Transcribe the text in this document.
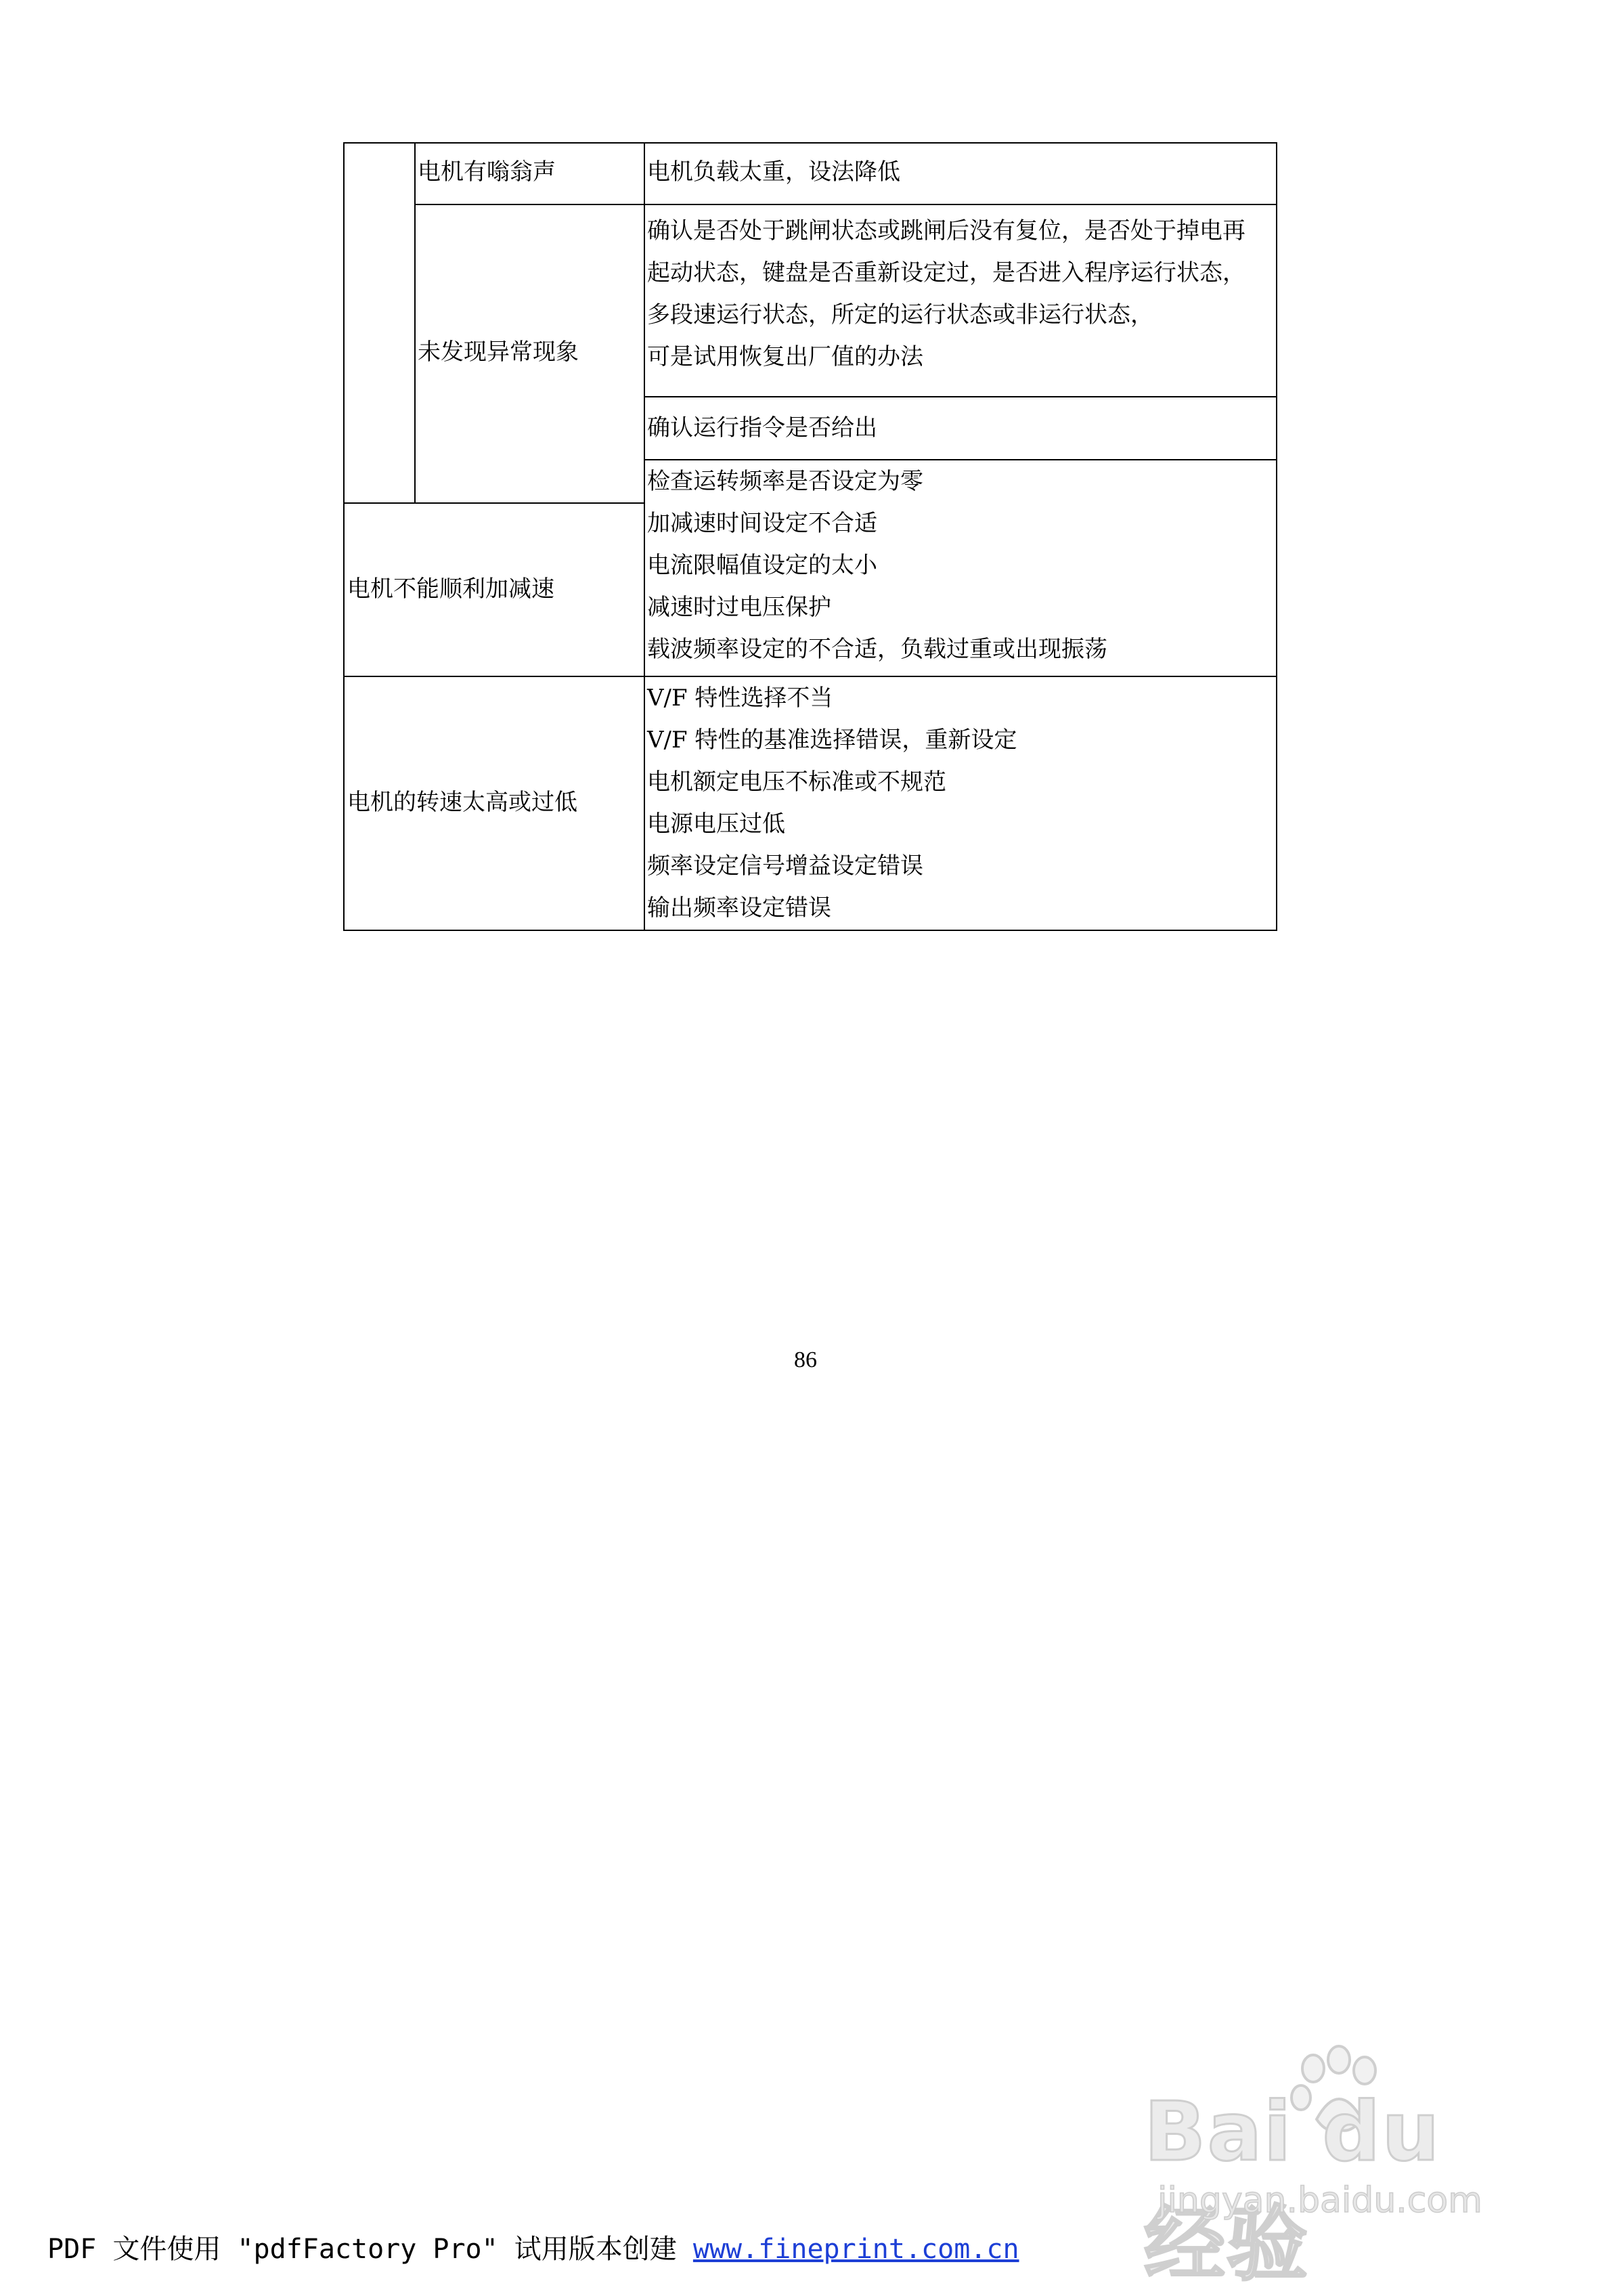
电机有嗡翁声	电机负载太重，设法降低
未发现异常现象
确认是否处于跳闸状态或跳闸后没有复位，是否处于掉电再
起动状态，键盘是否重新设定过，是否进入程序运行状态，
多段速运行状态，所定的运行状态或非运行状态，
可是试用恢复出厂值的办法
确认运行指令是否给出
电机不能顺利加减速
检查运转频率是否设定为零
加减速时间设定不合适
电流限幅值设定的太小
减速时过电压保护
载波频率设定的不合适，负载过重或出现振荡
电机的转速太高或过低
V/F 特性选择不当
V/F 特性的基准选择错误，重新设定
电机额定电压不标准或不规范
电源电压过低
频率设定信号增益设定错误
输出频率设定错误
86
Bai du 经验
jingyan.baidu.com
PDF 文件使用 "pdfFactory Pro" 试用版本创建 www.fineprint.com.cn
